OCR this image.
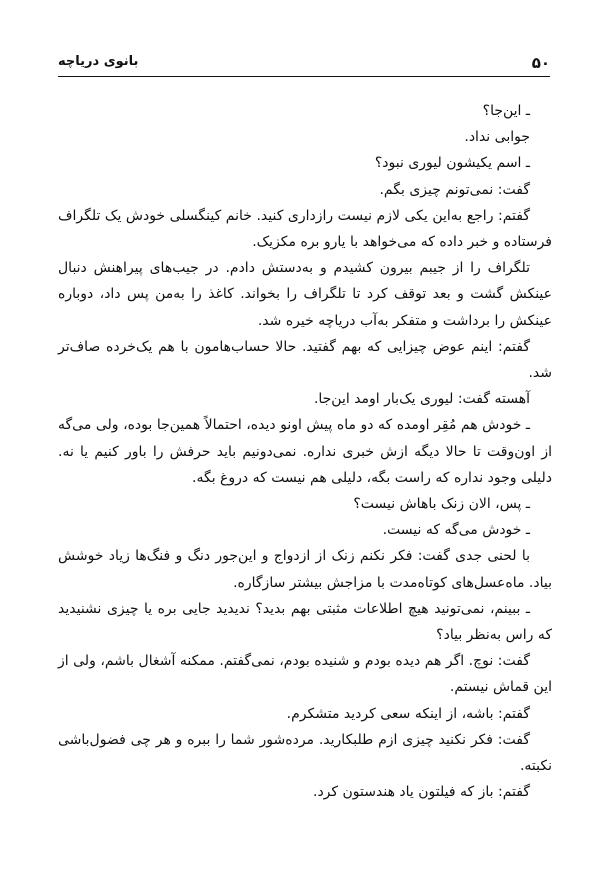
۵۰
بانوی دریاچه

ـ این‌جا؟

جوابی نداد.

ـ اسم یکیشون لیوری نبود؟

گفت: نمی‌تونم چیزی بگم.

گفتم: راجع به‌این یکی لازم نیست رازداری کنید. خانم کینگسلی خودش یک تلگراف فرستاده و خبر داده که می‌خواهد با یارو بره مکزیک.

تلگراف را از جیبم بیرون کشیدم و به‌دستش دادم. در جیب‌های پیراهنش دنبال عینکش گشت و بعد توقف کرد تا تلگراف را بخواند. کاغذ را به‌من پس داد، دوباره عینکش را برداشت و متفکر به‌آب دریاچه خیره شد.

گفتم: اینم عوض چیزایی که بهم گفتید. حالا حساب‌هامون با هم یک‌خرده صاف‌تر شد.

آهسته گفت: لیوری یک‌بار اومد این‌جا.

ـ خودش هم مُقِر اومده که دو ماه پیش اونو دیده، احتمالاً همین‌جا بوده، ولی می‌گه از اون‌وقت تا حالا دیگه ازش خبری نداره. نمی‌دونیم باید حرفش را باور کنیم یا نه. دلیلی وجود نداره که راست بگه، دلیلی هم نیست که دروغ بگه.

ـ پس، الان زنک باهاش نیست؟

ـ خودش می‌گه که نیست.

با لحنی جدی گفت: فکر نکنم زنک از ازدواج و این‌جور دنگ و فنگ‌ها زیاد خوشش بیاد. ماه‌عسل‌های کوتاه‌مدت با مزاجش بیشتر سازگاره.

ـ ببینم، نمی‌تونید هیچ اطلاعات مثبتی بهم بدید؟ ندیدید جایی بره یا چیزی نشنیدید که راس به‌نظر بیاد؟

گفت: نوچ. اگر هم دیده بودم و شنیده بودم، نمی‌گفتم. ممکنه آشغال باشم، ولی از این قماش نیستم.

گفتم: باشه، از اینکه سعی کردید متشکرم.

گفت: فکر نکنید چیزی ازم طلبکارید. مرده‌شور شما را ببره و هر چی فضول‌باشی نکبته.

گفتم: باز که فیلتون یاد هندستون کرد.
